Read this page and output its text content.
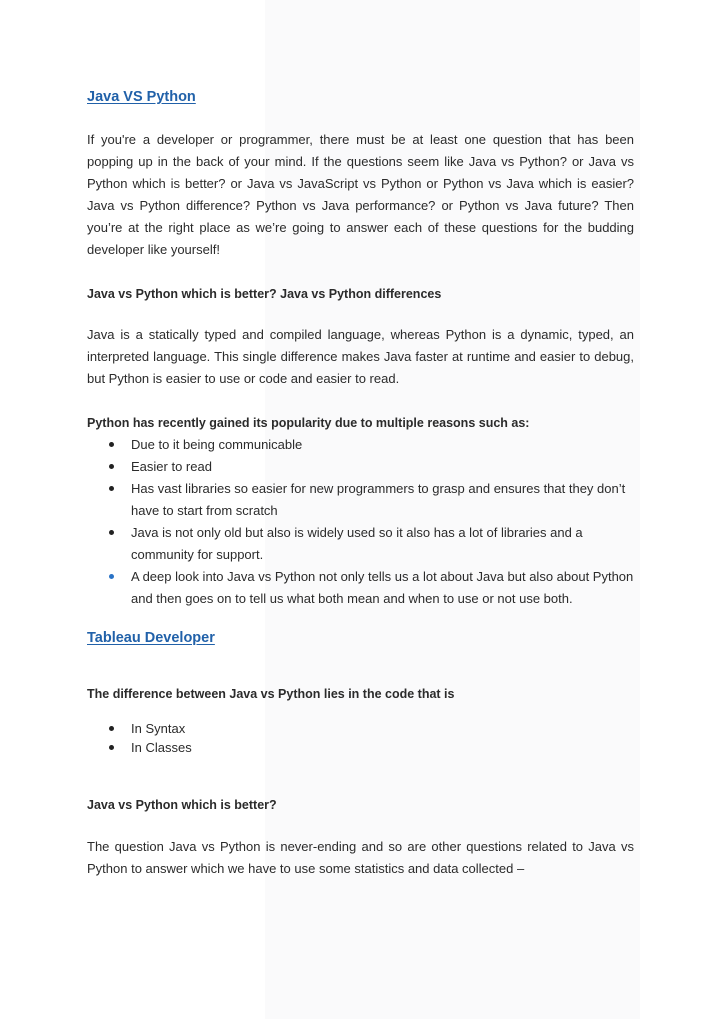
Java VS Python

If you're a developer or programmer, there must be at least one question that has been popping up in the back of your mind. If the questions seem like Java vs Python? or Java vs Python which is better? or Java vs JavaScript vs Python or Python vs Java which is easier? Java vs Python difference? Python vs Java performance? or Python vs Java future? Then you’re at the right place as we’re going to answer each of these questions for the budding developer like yourself!

Java vs Python which is better? Java vs Python differences

Java is a statically typed and compiled language, whereas Python is a dynamic, typed, an interpreted language. This single difference makes Java faster at runtime and easier to debug, but Python is easier to use or code and easier to read.

Python has recently gained its popularity due to multiple reasons such as:
Due to it being communicable
Easier to read
Has vast libraries so easier for new programmers to grasp and ensures that they don’t have to start from scratch
Java is not only old but also is widely used so it also has a lot of libraries and a community for support.
A deep look into Java vs Python not only tells us a lot about Java but also about Python and then goes on to tell us what both mean and when to use or not use both.
Tableau Developer
The difference between Java vs Python lies in the code that is
In Syntax
In Classes
Java vs Python which is better?

The question Java vs Python is never-ending and so are other questions related to Java vs Python to answer which we have to use some statistics and data collected –
